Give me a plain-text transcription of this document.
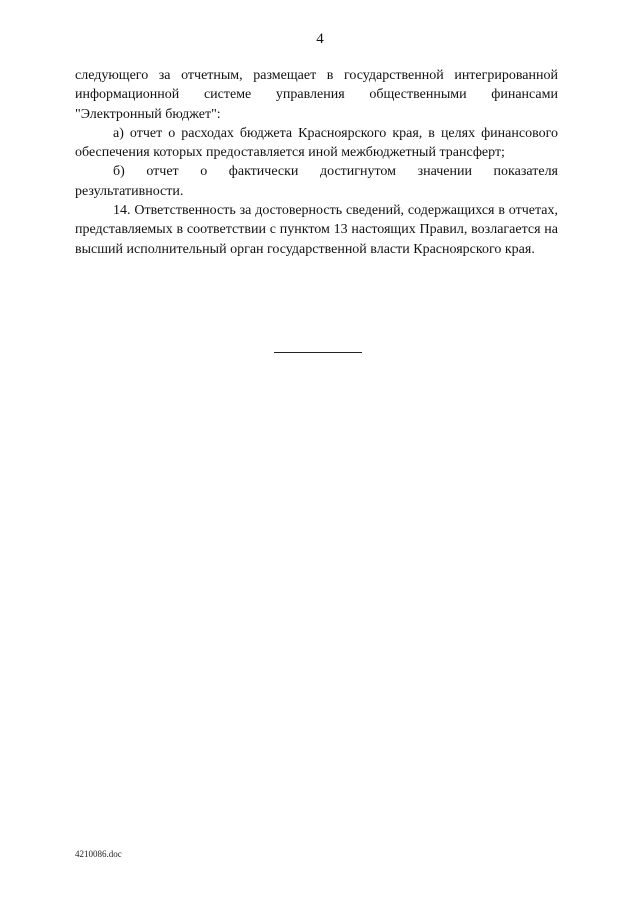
4

следующего за отчетным, размещает в государственной интегрированной информационной системе управления общественными финансами "Электронный бюджет":

а) отчет о расходах бюджета Красноярского края, в целях финансового обеспечения которых предоставляется иной межбюджетный трансферт;

б) отчет о фактически достигнутом значении показателя результативности.

14. Ответственность за достоверность сведений, содержащихся в отчетах, представляемых в соответствии с пунктом 13 настоящих Правил, возлагается на высший исполнительный орган государственной власти Красноярского края.

4210086.doc
